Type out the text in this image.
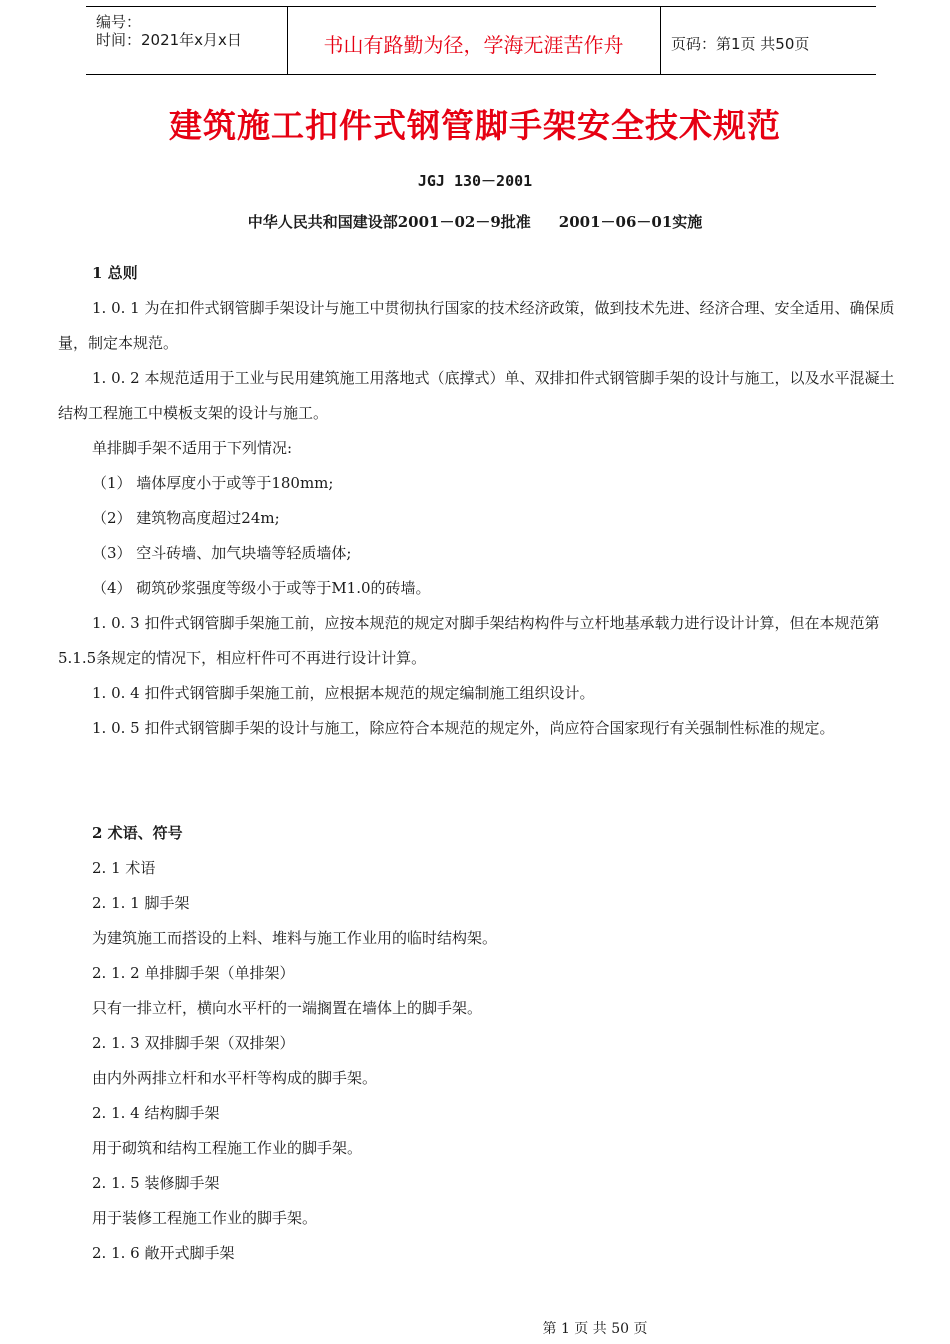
编号：
时间：2021年x月x日	书山有路勤为径，学海无涯苦作舟	页码：第1页 共50页
建筑施工扣件式钢管脚手架安全技术规范
JGJ 130－2001
中华人民共和国建设部2001－02－9批准 2001－06－01实施

1 总则

1. 0. 1 为在扣件式钢管脚手架设计与施工中贯彻执行国家的技术经济政策，做到技术先进、经济合理、安全适用、确保质量，制定本规范。

1. 0. 2 本规范适用于工业与民用建筑施工用落地式（底撑式）单、双排扣件式钢管脚手架的设计与施工，以及水平混凝土结构工程施工中模板支架的设计与施工。

单排脚手架不适用于下列情况:

（1） 墙体厚度小于或等于180mm;

（2） 建筑物高度超过24m;

（3） 空斗砖墙、加气块墙等轻质墙体;

（4） 砌筑砂浆强度等级小于或等于M1.0的砖墙。

1. 0. 3 扣件式钢管脚手架施工前，应按本规范的规定对脚手架结构构件与立杆地基承载力进行设计计算，但在本规范第5.1.5条规定的情况下，相应杆件可不再进行设计计算。

1. 0. 4 扣件式钢管脚手架施工前，应根据本规范的规定编制施工组织设计。

1. 0. 5 扣件式钢管脚手架的设计与施工，除应符合本规范的规定外，尚应符合国家现行有关强制性标准的规定。

2 术语、符号

2. 1 术语

2. 1. 1 脚手架

为建筑施工而搭设的上料、堆料与施工作业用的临时结构架。

2. 1. 2 单排脚手架（单排架）

只有一排立杆，横向水平杆的一端搁置在墙体上的脚手架。

2. 1. 3 双排脚手架（双排架）

由内外两排立杆和水平杆等构成的脚手架。

2. 1. 4 结构脚手架

用于砌筑和结构工程施工作业的脚手架。

2. 1. 5 装修脚手架

用于装修工程施工作业的脚手架。

2. 1. 6 敞开式脚手架

第 1 页 共 50 页
